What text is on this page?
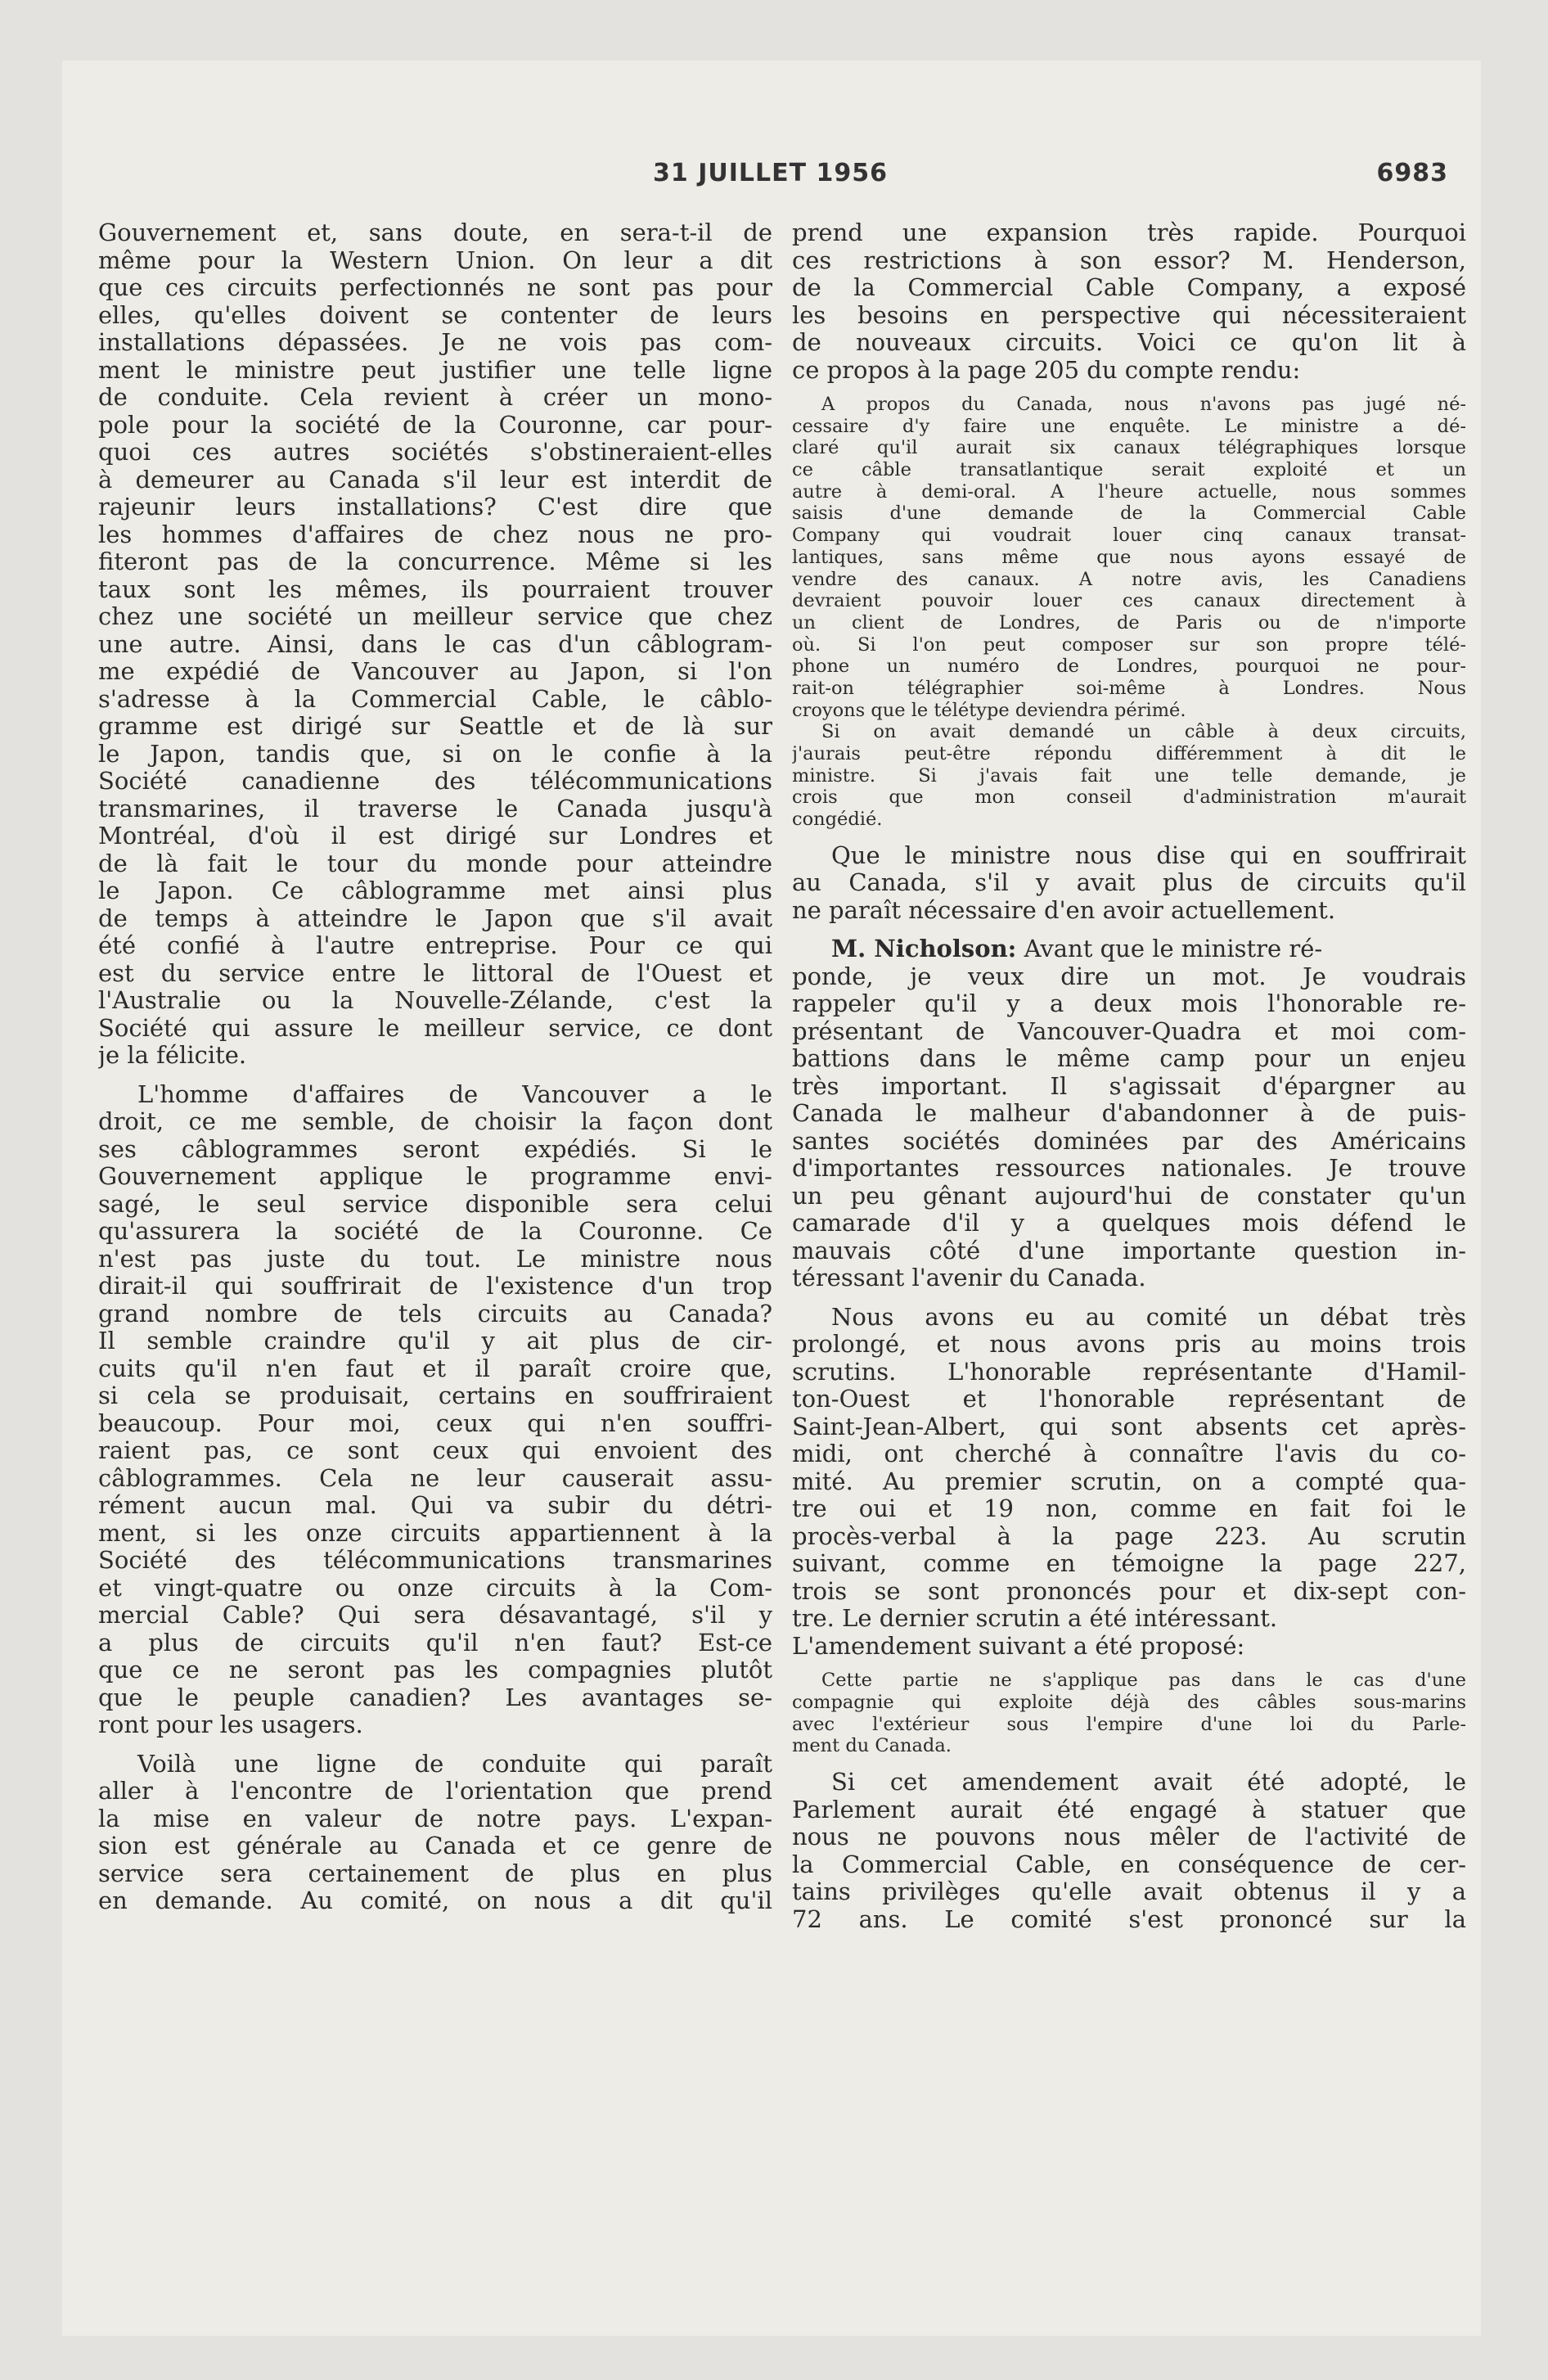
31 JUILLET 1956	6983
Gouvernement et, sans doute, en sera-t-il de
même pour la Western Union. On leur a dit
que ces circuits perfectionnés ne sont pas pour
elles, qu'elles doivent se contenter de leurs
installations dépassées. Je ne vois pas com-
ment le ministre peut justifier une telle ligne
de conduite. Cela revient à créer un mono-
pole pour la société de la Couronne, car pour-
quoi ces autres sociétés s'obstineraient-elles
à demeurer au Canada s'il leur est interdit de
rajeunir leurs installations? C'est dire que
les hommes d'affaires de chez nous ne pro-
fiteront pas de la concurrence. Même si les
taux sont les mêmes, ils pourraient trouver
chez une société un meilleur service que chez
une autre. Ainsi, dans le cas d'un câblogram-
me expédié de Vancouver au Japon, si l'on
s'adresse à la Commercial Cable, le câblo-
gramme est dirigé sur Seattle et de là sur
le Japon, tandis que, si on le confie à la
Société canadienne des télécommunications
transmarines, il traverse le Canada jusqu'à
Montréal, d'où il est dirigé sur Londres et
de là fait le tour du monde pour atteindre
le Japon. Ce câblogramme met ainsi plus
de temps à atteindre le Japon que s'il avait
été confié à l'autre entreprise. Pour ce qui
est du service entre le littoral de l'Ouest et
l'Australie ou la Nouvelle-Zélande, c'est la
Société qui assure le meilleur service, ce dont
je la félicite.
L'homme d'affaires de Vancouver a le
droit, ce me semble, de choisir la façon dont
ses câblogrammes seront expédiés. Si le
Gouvernement applique le programme envi-
sagé, le seul service disponible sera celui
qu'assurera la société de la Couronne. Ce
n'est pas juste du tout. Le ministre nous
dirait-il qui souffrirait de l'existence d'un trop
grand nombre de tels circuits au Canada?
Il semble craindre qu'il y ait plus de cir-
cuits qu'il n'en faut et il paraît croire que,
si cela se produisait, certains en souffriraient
beaucoup. Pour moi, ceux qui n'en souffri-
raient pas, ce sont ceux qui envoient des
câblogrammes. Cela ne leur causerait assu-
rément aucun mal. Qui va subir du détri-
ment, si les onze circuits appartiennent à la
Société des télécommunications transmarines
et vingt-quatre ou onze circuits à la Com-
mercial Cable? Qui sera désavantagé, s'il y
a plus de circuits qu'il n'en faut? Est-ce
que ce ne seront pas les compagnies plutôt
que le peuple canadien? Les avantages se-
ront pour les usagers.
Voilà une ligne de conduite qui paraît
aller à l'encontre de l'orientation que prend
la mise en valeur de notre pays. L'expan-
sion est générale au Canada et ce genre de
service sera certainement de plus en plus
en demande. Au comité, on nous a dit qu'il
prend une expansion très rapide. Pourquoi
ces restrictions à son essor? M. Henderson,
de la Commercial Cable Company, a exposé
les besoins en perspective qui nécessiteraient
de nouveaux circuits. Voici ce qu'on lit à
ce propos à la page 205 du compte rendu:
A propos du Canada, nous n'avons pas jugé né-
cessaire d'y faire une enquête. Le ministre a dé-
claré qu'il aurait six canaux télégraphiques lorsque
ce câble transatlantique serait exploité et un
autre à demi-oral. A l'heure actuelle, nous sommes
saisis d'une demande de la Commercial Cable
Company qui voudrait louer cinq canaux transat-
lantiques, sans même que nous ayons essayé de
vendre des canaux. A notre avis, les Canadiens
devraient pouvoir louer ces canaux directement à
un client de Londres, de Paris ou de n'importe
où. Si l'on peut composer sur son propre télé-
phone un numéro de Londres, pourquoi ne pour-
rait-on télégraphier soi-même à Londres. Nous
croyons que le télétype deviendra périmé.
Si on avait demandé un câble à deux circuits,
j'aurais peut-être répondu différemment à dit le
ministre. Si j'avais fait une telle demande, je
crois que mon conseil d'administration m'aurait
congédié.
Que le ministre nous dise qui en souffrirait
au Canada, s'il y avait plus de circuits qu'il
ne paraît nécessaire d'en avoir actuellement.
M. Nicholson: Avant que le ministre ré-
ponde, je veux dire un mot. Je voudrais
rappeler qu'il y a deux mois l'honorable re-
présentant de Vancouver-Quadra et moi com-
battions dans le même camp pour un enjeu
très important. Il s'agissait d'épargner au
Canada le malheur d'abandonner à de puis-
santes sociétés dominées par des Américains
d'importantes ressources nationales. Je trouve
un peu gênant aujourd'hui de constater qu'un
camarade d'il y a quelques mois défend le
mauvais côté d'une importante question in-
téressant l'avenir du Canada.
Nous avons eu au comité un débat très
prolongé, et nous avons pris au moins trois
scrutins. L'honorable représentante d'Hamil-
ton-Ouest et l'honorable représentant de
Saint-Jean-Albert, qui sont absents cet après-
midi, ont cherché à connaître l'avis du co-
mité. Au premier scrutin, on a compté qua-
tre oui et 19 non, comme en fait foi le
procès-verbal à la page 223. Au scrutin
suivant, comme en témoigne la page 227,
trois se sont prononcés pour et dix-sept con-
tre. Le dernier scrutin a été intéressant.
L'amendement suivant a été proposé:
Cette partie ne s'applique pas dans le cas d'une
compagnie qui exploite déjà des câbles sous-marins
avec l'extérieur sous l'empire d'une loi du Parle-
ment du Canada.
Si cet amendement avait été adopté, le
Parlement aurait été engagé à statuer que
nous ne pouvons nous mêler de l'activité de
la Commercial Cable, en conséquence de cer-
tains privilèges qu'elle avait obtenus il y a
72 ans. Le comité s'est prononcé sur la
